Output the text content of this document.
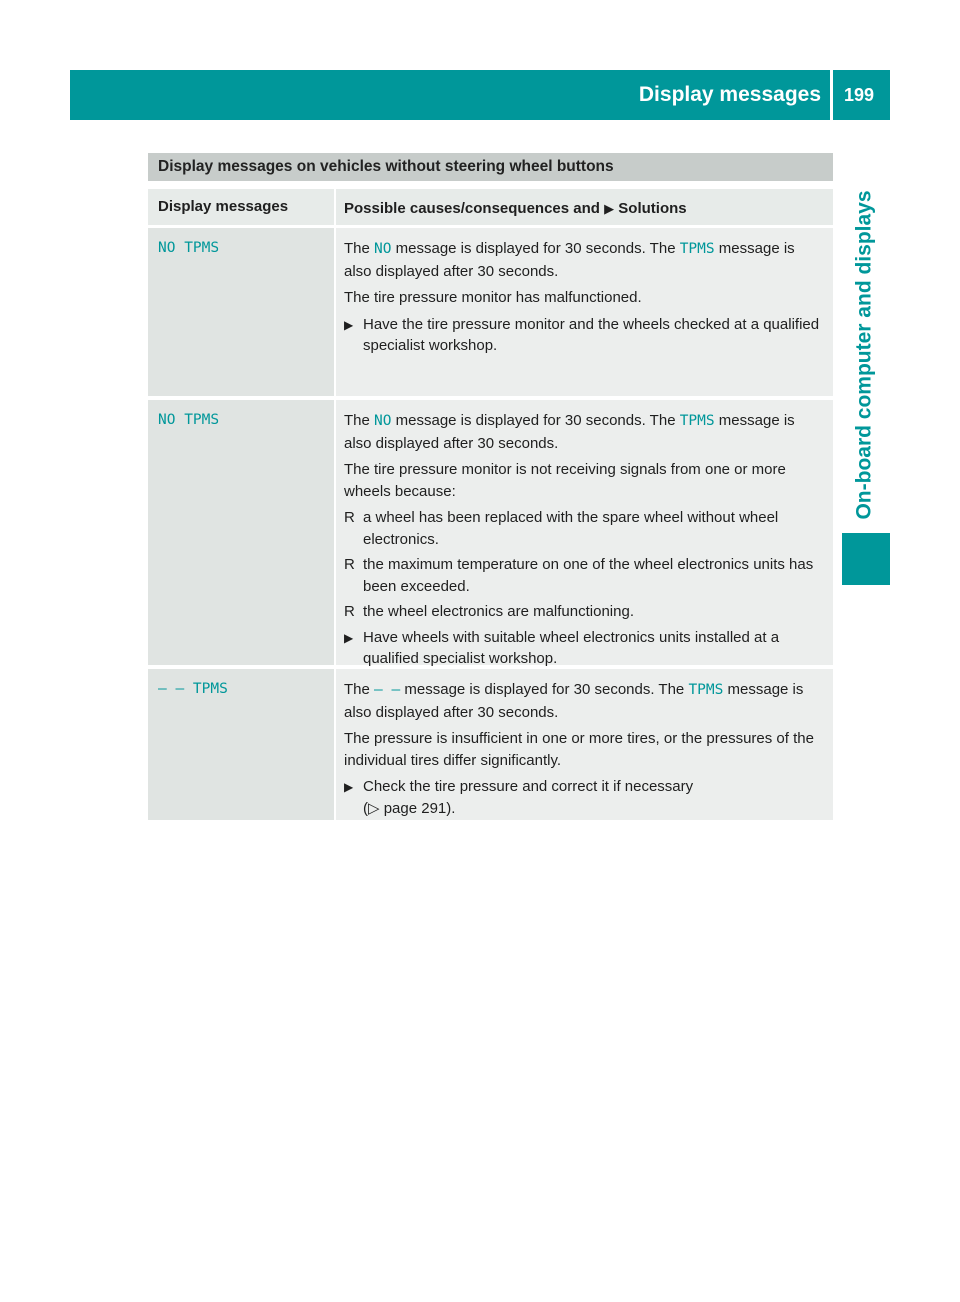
Display messages 199
On-board computer and displays
Display messages on vehicles without steering wheel buttons
Display messages	Possible causes/consequences and ▶ Solutions
NO TPMS	The NO message is displayed for 30 seconds. The TPMS message is also displayed after 30 seconds.

The tire pressure monitor has malfunctioned.

▶ Have the tire pressure monitor and the wheels checked at a qualified specialist workshop.
NO TPMS	The NO message is displayed for 30 seconds. The TPMS message is also displayed after 30 seconds.

The tire pressure monitor is not receiving signals from one or more wheels because:

R a wheel has been replaced with the spare wheel without wheel electronics.
R the maximum temperature on one of the wheel electronics units has been exceeded.
R the wheel electronics are malfunctioning.
▶ Have wheels with suitable wheel electronics units installed at a qualified specialist workshop.
– – TPMS	The – – message is displayed for 30 seconds. The TPMS message is also displayed after 30 seconds.

The pressure is insufficient in one or more tires, or the pressures of the individual tires differ significantly.

▶ Check the tire pressure and correct it if necessary
(▷ page 291).
